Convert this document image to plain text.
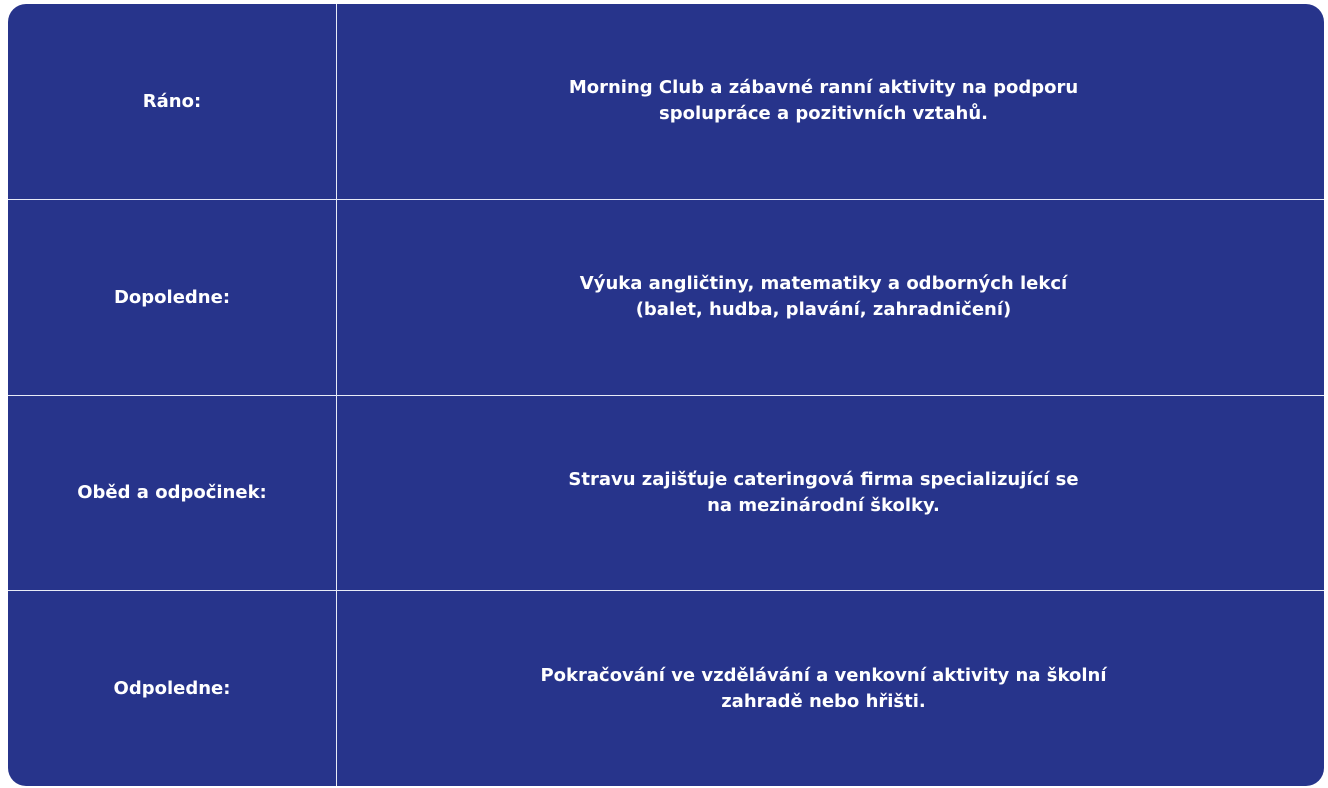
Ráno:
Morning Club a zábavné ranní aktivity na podporu
spolupráce a pozitivních vztahů.
Dopoledne:
Výuka angličtiny, matematiky a odborných lekcí
(balet, hudba, plavání, zahradničení)
Oběd a odpočinek:
Stravu zajišťuje cateringová firma specializující se
na mezinárodní školky.
Odpoledne:
Pokračování ve vzdělávání a venkovní aktivity na školní
zahradě nebo hřišti.
